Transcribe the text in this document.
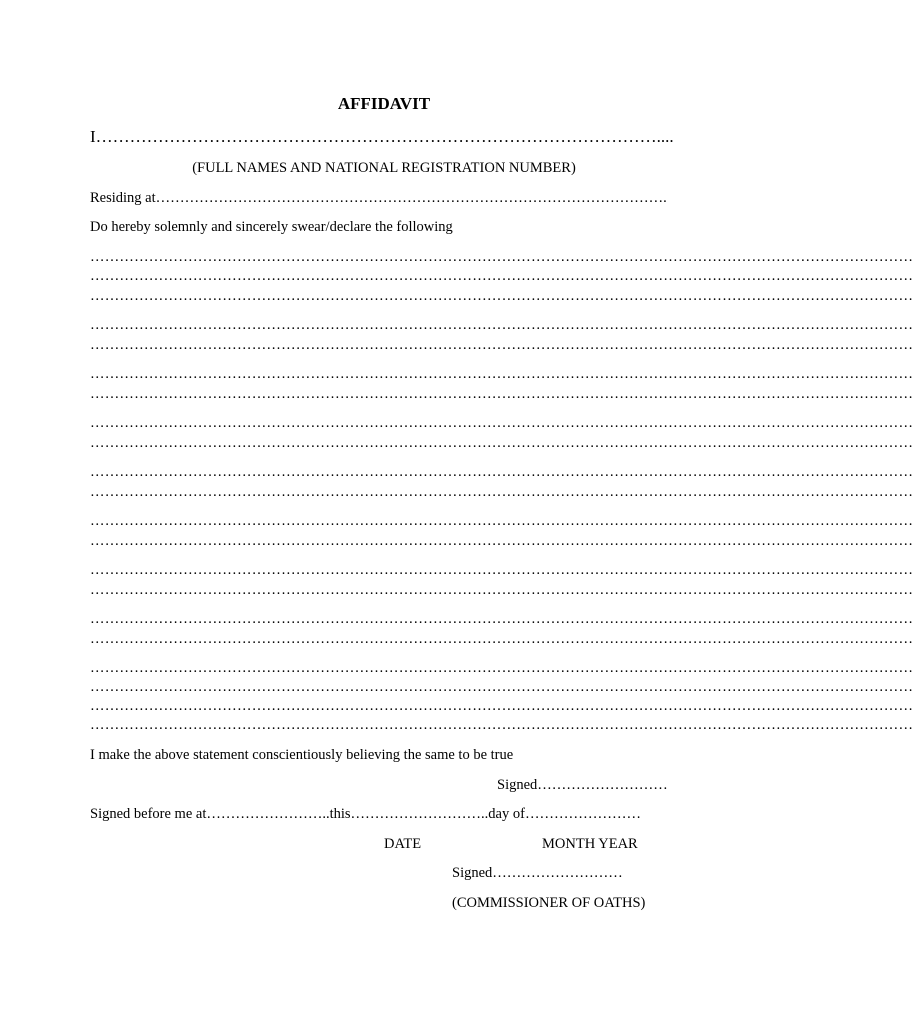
AFFIDAVIT
I………………………………………………………………………………………....
(FULL NAMES AND NATIONAL REGISTRATION NUMBER)
Residing at…………………………………………………………………………………………….
Do hereby solemnly and sincerely swear/declare the following
……………………………………………………………………………………………………………………………………………………
……………………………………………………………………………………………………………………………………………………
……………………………………………………………………………………………………………………………………………………
……………………………………………………………………………………………………………………………………………………
……………………………………………………………………………………………………………………………………………………
……………………………………………………………………………………………………………………………………………………
……………………………………………………………………………………………………………………………………………………
……………………………………………………………………………………………………………………………………………………
……………………………………………………………………………………………………………………………………………………
……………………………………………………………………………………………………………………………………………………
……………………………………………………………………………………………………………………………………………………
……………………………………………………………………………………………………………………………………………………
……………………………………………………………………………………………………………………………………………………
……………………………………………………………………………………………………………………………………………………
……………………………………………………………………………………………………………………………………………………
……………………………………………………………………………………………………………………………………………………
……………………………………………………………………………………………………………………………………………………
……………………………………………………………………………………………………………………………………………………
……………………………………………………………………………………………………………………………………………………
……………………………………………………………………………………………………………………………………………………
……………………………………………………………………………………………………………………………………………………
I make the above statement conscientiously believing the same to be true
Signed………………………
Signed before me at……………………..this………………………..day of……………………
DATE	MONTH YEAR
Signed………………………
(COMMISSIONER OF OATHS)
